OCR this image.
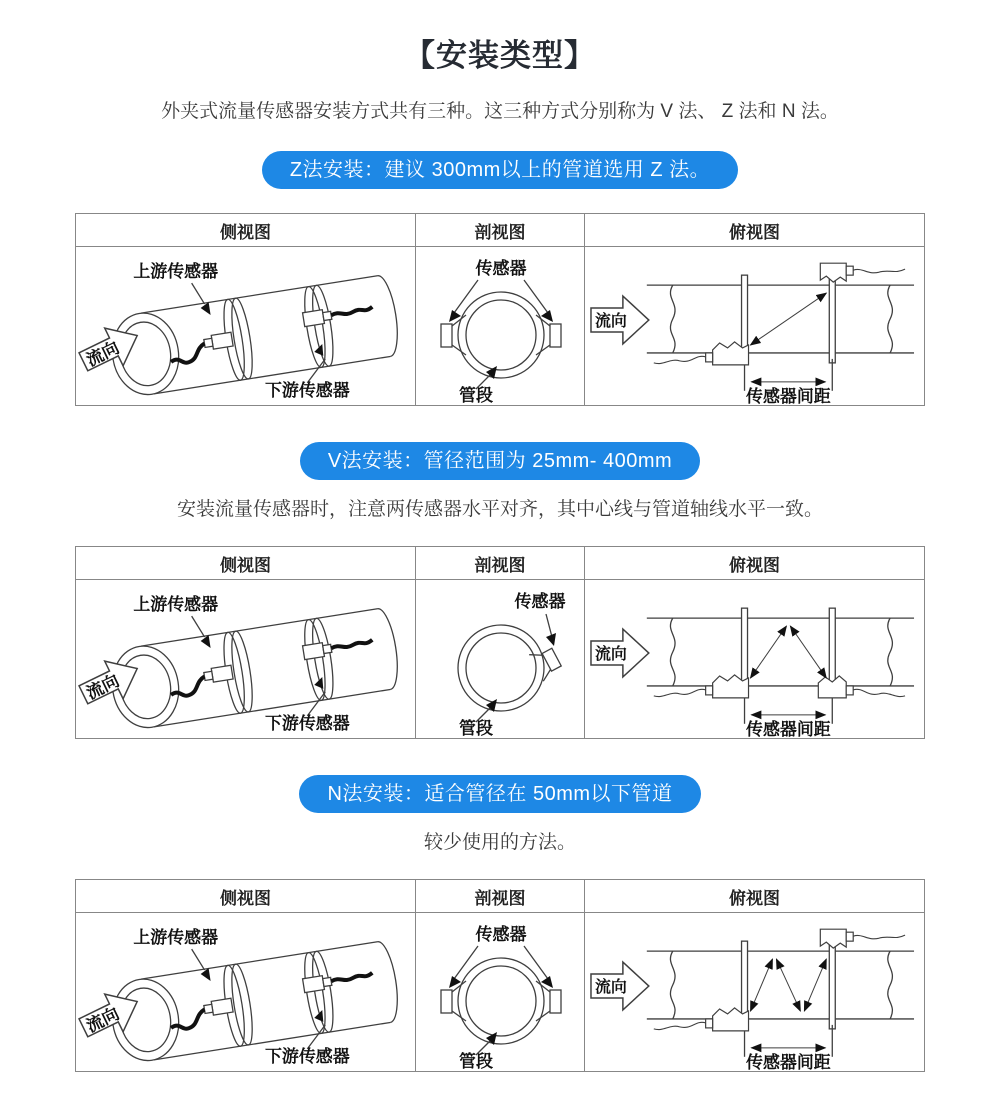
【安装类型】

外夹式流量传感器安装方式共有三种。这三种方式分别称为 V 法、 Z 法和 N 法。

Z法安装：建议 300mm以上的管道选用 Z 法。
侧视图	剖视图	俯视图
上游传感器
下游传感器
流向
传感器
管段
流向
传感器间距
V法安装：管径范围为 25mm- 400mm

安装流量传感器时，注意两传感器水平对齐，其中心线与管道轴线水平一致。

侧视图	剖视图	俯视图
上游传感器
下游传感器
流向
传感器
管段
流向
传感器间距
N法安装：适合管径在 50mm以下管道

较少使用的方法。

侧视图	剖视图	俯视图
上游传感器
下游传感器
流向
传感器
管段
流向
传感器间距
